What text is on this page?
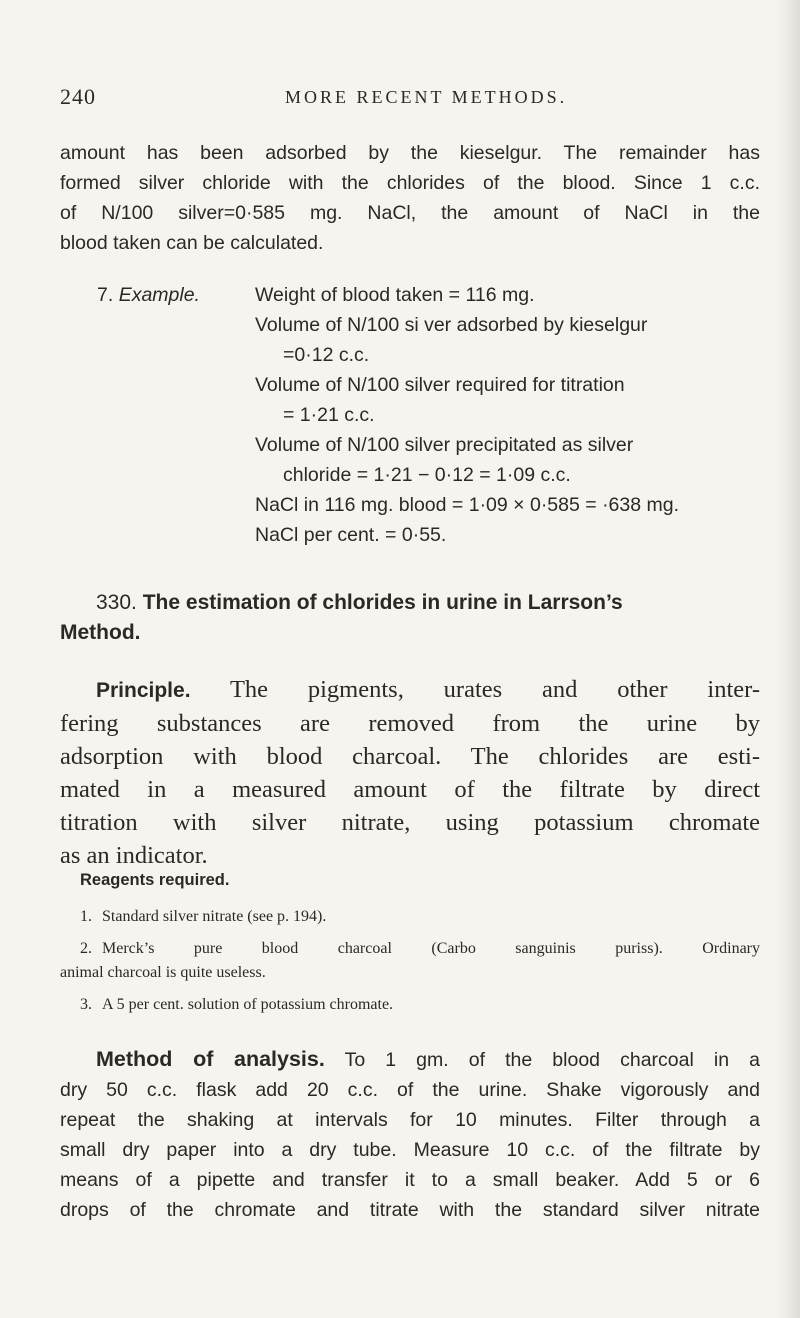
240	MORE RECENT METHODS.
amount has been adsorbed by the kieselgur. The remainder has
formed silver chloride with the chlorides of the blood. Since 1 c.c.
of N/100 silver=0·585 mg. NaCl, the amount of NaCl in the
blood taken can be calculated.
7. Example.	Weight of blood taken = 116 mg.
Volume of N/100 si ver adsorbed by kieselgur
=0·12 c.c.
Volume of N/100 silver required for titration
= 1·21 c.c.
Volume of N/100 silver precipitated as silver
chloride = 1·21 − 0·12 = 1·09 c.c.
NaCl in 116 mg. blood = 1·09 × 0·585 = ·638 mg.
NaCl per cent. = 0·55.
330. The estimation of chlorides in urine in Larrson’s
Method.
Principle. The pigments, urates and other inter-
fering substances are removed from the urine by
adsorption with blood charcoal. The chlorides are esti-
mated in a measured amount of the filtrate by direct
titration with silver nitrate, using potassium chromate
as an indicator.
Reagents required.
1. Standard silver nitrate (see p. 194).
2. Merck’s pure blood charcoal (Carbo sanguinis puriss). Ordinary
animal charcoal is quite useless.
3. A 5 per cent. solution of potassium chromate.
Method of analysis. To 1 gm. of the blood charcoal in a
dry 50 c.c. flask add 20 c.c. of the urine. Shake vigorously and
repeat the shaking at intervals for 10 minutes. Filter through a
small dry paper into a dry tube. Measure 10 c.c. of the filtrate by
means of a pipette and transfer it to a small beaker. Add 5 or 6
drops of the chromate and titrate with the standard silver nitrate
